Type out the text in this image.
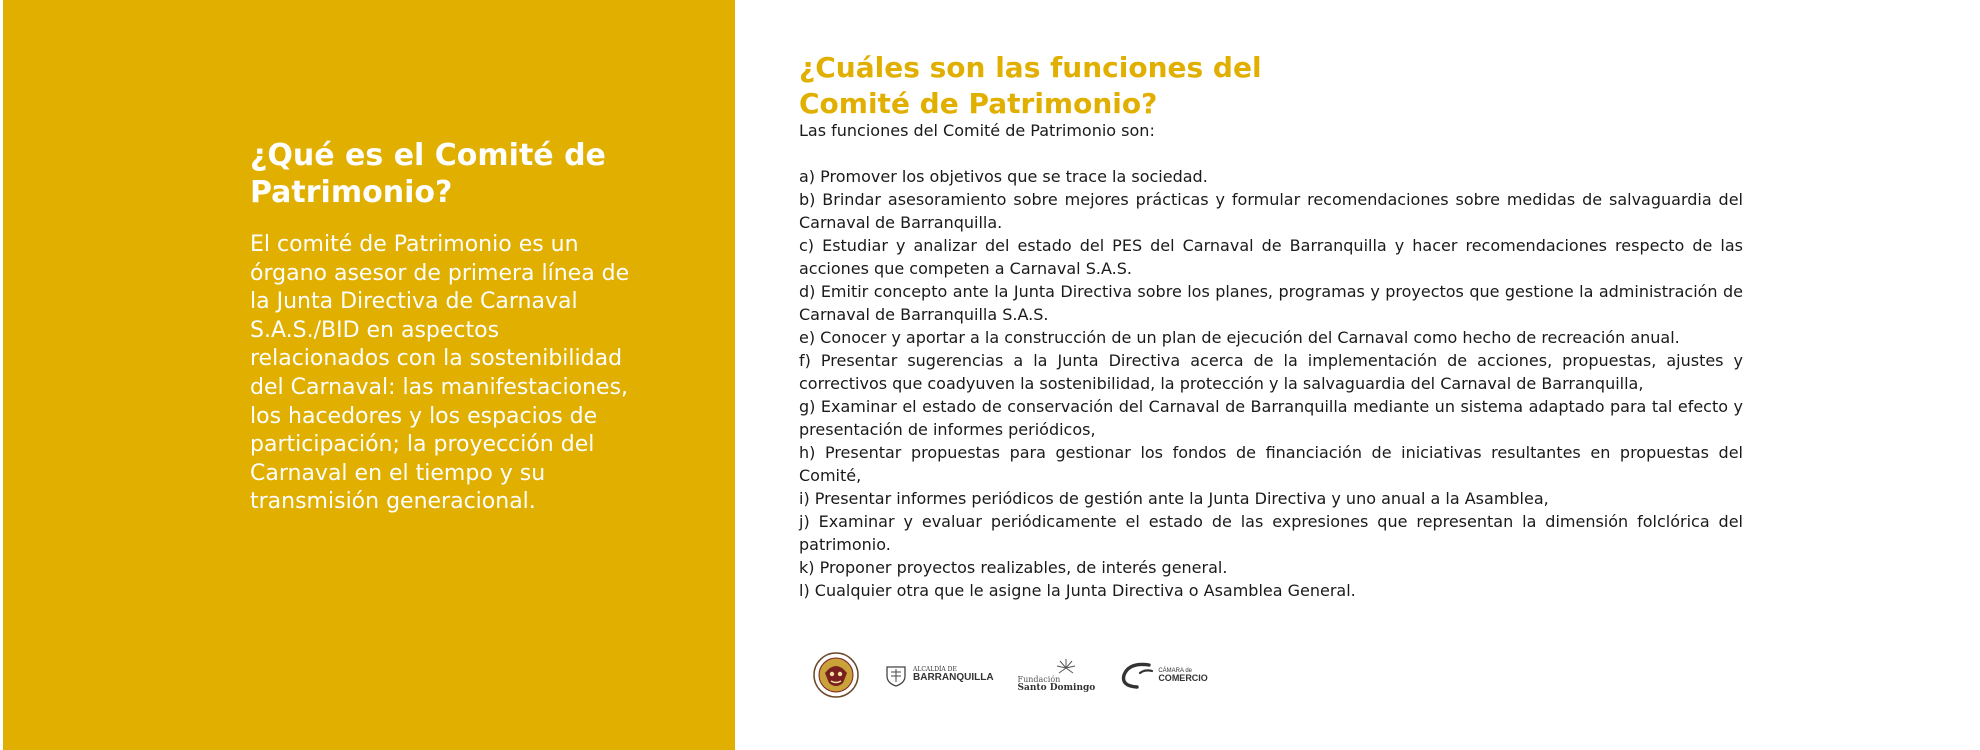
¿Qué es el Comité de Patrimonio?

El comité de Patrimonio es un órgano asesor de primera línea de la Junta Directiva de Carnaval S.A.S./BID en aspectos relacionados con la sostenibilidad del Carnaval: las manifestaciones, los hacedores y los espacios de participación; la proyección del Carnaval en el tiempo y su transmisión generacional.

¿Cuáles son las funciones del Comité de Patrimonio?

Las funciones del Comité de Patrimonio son:

a) Promover los objetivos que se trace la sociedad.
b) Brindar asesoramiento sobre mejores prácticas y formular recomendaciones sobre medidas de salvaguardia del Carnaval de Barranquilla.
c) Estudiar y analizar del estado del PES del Carnaval de Barranquilla y hacer recomendaciones respecto de las acciones que competen a Carnaval S.A.S.
d) Emitir concepto ante la Junta Directiva sobre los planes, programas y proyectos que gestione la administración de Carnaval de Barranquilla S.A.S.
e) Conocer y aportar a la construcción de un plan de ejecución del Carnaval como hecho de recreación anual.
f) Presentar sugerencias a la Junta Directiva acerca de la implementación de acciones, propuestas, ajustes y correctivos que coadyuven la sostenibilidad, la protección y la salvaguardia del Carnaval de Barranquilla,
g) Examinar el estado de conservación del Carnaval de Barranquilla mediante un sistema adaptado para tal efecto y presentación de informes periódicos,
h) Presentar propuestas para gestionar los fondos de financiación de iniciativas resultantes en propuestas del Comité,
i) Presentar informes periódicos de gestión ante la Junta Directiva y uno anual a la Asamblea,
j) Examinar y evaluar periódicamente el estado de las expresiones que representan la dimensión folclórica del patrimonio.
k) Proponer proyectos realizables, de interés general.
l) Cualquier otra que le asigne la Junta Directiva o Asamblea General.
ALCALDÍA DE
BARRANQUILLA	Fundación
Santo Domingo
CÁMARA de
COMERCIO
